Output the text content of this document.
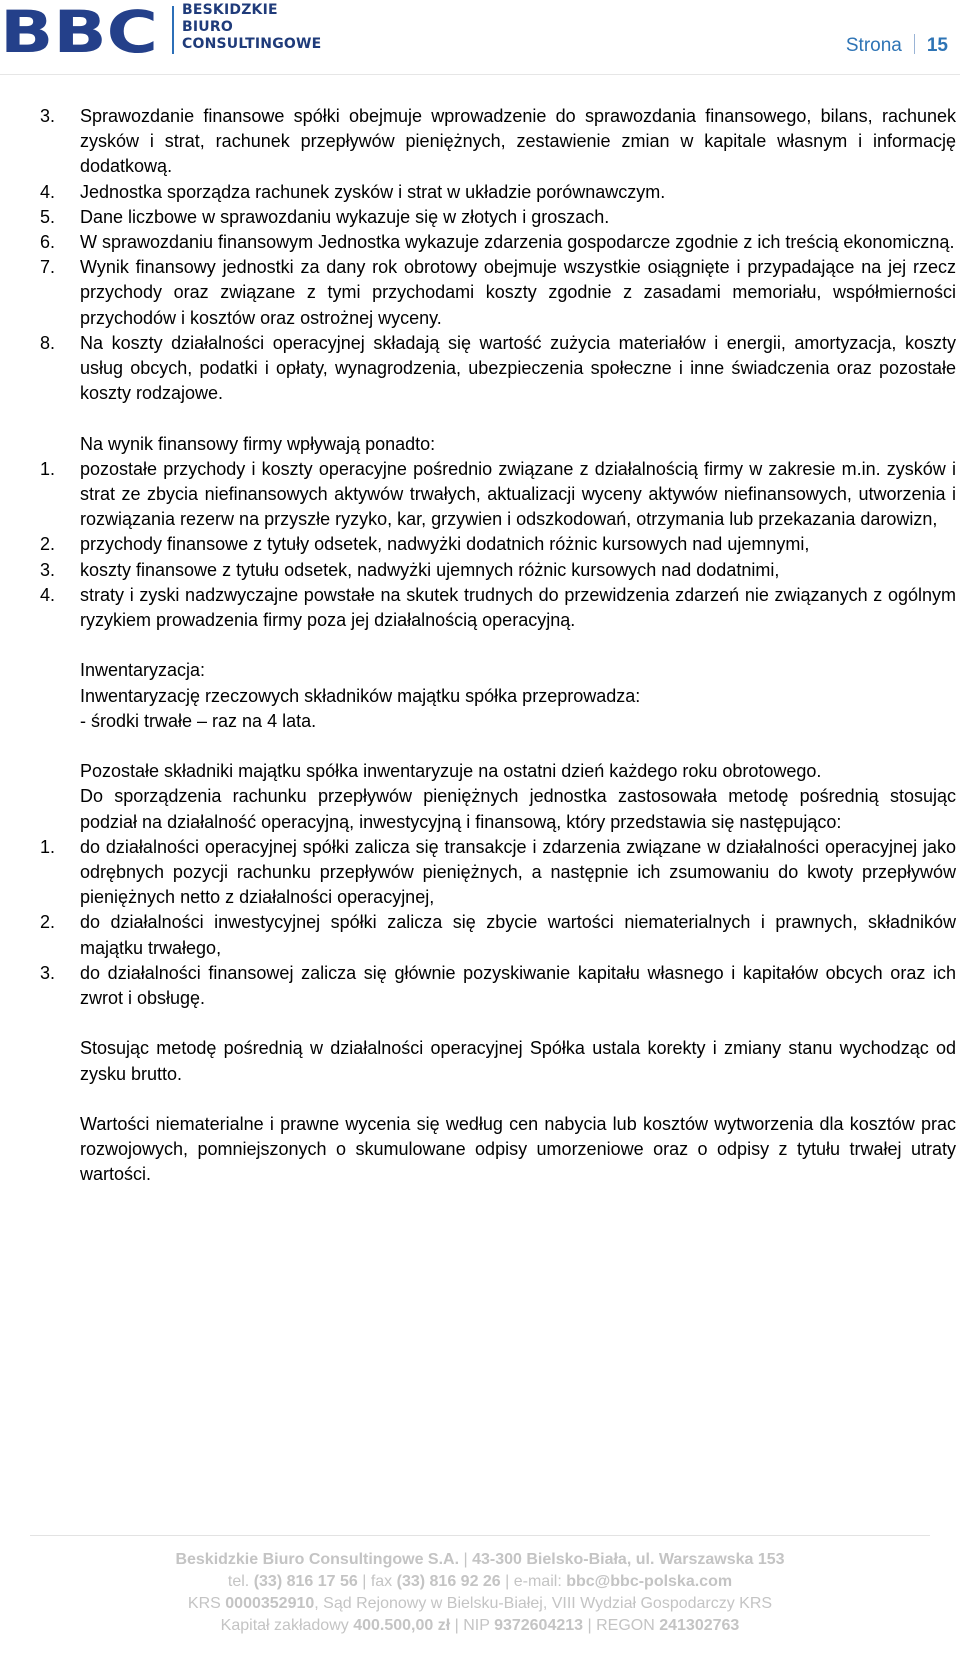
BBC BESKIDZKIE
BIURO
CONSULTINGOWE	Strona 15
3. Sprawozdanie finansowe spółki obejmuje wprowadzenie do sprawozdania finansowego, bilans, rachunek zysków i strat, rachunek przepływów pieniężnych, zestawienie zmian w kapitale własnym i informację dodatkową.
4. Jednostka sporządza rachunek zysków i strat w układzie porównawczym.
5. Dane liczbowe w sprawozdaniu wykazuje się w złotych i groszach.
6. W sprawozdaniu finansowym Jednostka wykazuje zdarzenia gospodarcze zgodnie z ich treścią ekonomiczną.
7. Wynik finansowy jednostki za dany rok obrotowy obejmuje wszystkie osiągnięte i przypadające na jej rzecz przychody oraz związane z tymi przychodami koszty zgodnie z zasadami memoriału, współmierności przychodów i kosztów oraz ostrożnej wyceny.
8. Na koszty działalności operacyjnej składają się wartość zużycia materiałów i energii, amortyzacja, koszty usług obcych, podatki i opłaty, wynagrodzenia, ubezpieczenia społeczne i inne świadczenia oraz pozostałe koszty rodzajowe.
Na wynik finansowy firmy wpływają ponadto:
1. pozostałe przychody i koszty operacyjne pośrednio związane z działalnością firmy w zakresie m.in. zysków i strat ze zbycia niefinansowych aktywów trwałych, aktualizacji wyceny aktywów niefinansowych, utworzenia i rozwiązania rezerw na przyszłe ryzyko, kar, grzywien i odszkodowań, otrzymania lub przekazania darowizn,
2. przychody finansowe z tytuły odsetek, nadwyżki dodatnich różnic kursowych nad ujemnymi,
3. koszty finansowe z tytułu odsetek, nadwyżki ujemnych różnic kursowych nad dodatnimi,
4. straty i zyski nadzwyczajne powstałe na skutek trudnych do przewidzenia zdarzeń nie związanych z ogólnym ryzykiem prowadzenia firmy poza jej działalnością operacyjną.
Inwentaryzacja:
Inwentaryzację rzeczowych składników majątku spółka przeprowadza:
- środki trwałe – raz na 4 lata.
Pozostałe składniki majątku spółka inwentaryzuje na ostatni dzień każdego roku obrotowego.
Do sporządzenia rachunku przepływów pieniężnych jednostka zastosowała metodę pośrednią stosując podział na działalność operacyjną, inwestycyjną i finansową, który przedstawia się następująco:
1. do działalności operacyjnej spółki zalicza się transakcje i zdarzenia związane w działalności operacyjnej jako odrębnych pozycji rachunku przepływów pieniężnych, a następnie ich zsumowaniu do kwoty przepływów pieniężnych netto z działalności operacyjnej,
2. do działalności inwestycyjnej spółki zalicza się zbycie wartości niematerialnych i prawnych, składników majątku trwałego,
3. do działalności finansowej zalicza się głównie pozyskiwanie kapitału własnego i kapitałów obcych oraz ich zwrot i obsługę.
Stosując metodę pośrednią w działalności operacyjnej Spółka ustala korekty i zmiany stanu wychodząc od zysku brutto.
Wartości niematerialne i prawne wycenia się według cen nabycia lub kosztów wytworzenia dla kosztów prac rozwojowych, pomniejszonych o skumulowane odpisy umorzeniowe oraz o odpisy z tytułu trwałej utraty wartości.
Beskidzkie Biuro Consultingowe S.A. | 43-300 Bielsko-Biała, ul. Warszawska 153
tel. (33) 816 17 56 | fax (33) 816 92 26 | e-mail: bbc@bbc-polska.com
KRS 0000352910, Sąd Rejonowy w Bielsku-Białej, VIII Wydział Gospodarczy KRS
Kapitał zakładowy 400.500,00 zł | NIP 9372604213 | REGON 241302763
